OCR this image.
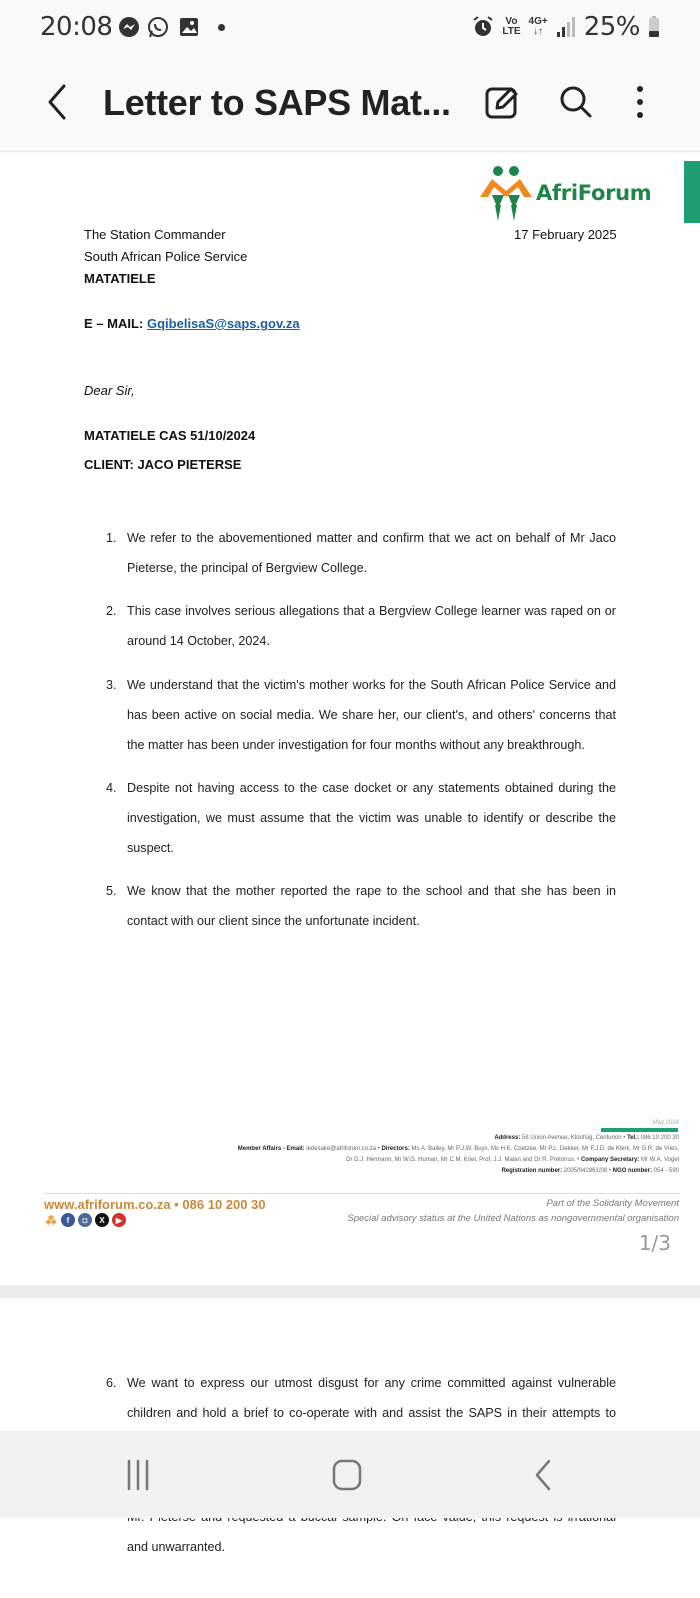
20:08	Vo
LTE
4G+
↓↑ 25%
Letter to SAPS Mat...
AfriForum
17 February 2025
The Station Commander
South African Police Service
MATATIELE
E – MAIL: GqibelisaS@saps.gov.za
Dear Sir,
MATATIELE CAS 51/10/2024
CLIENT: JACO PIETERSE
1. We refer to the abovementioned matter and confirm that we act on behalf of Mr Jaco Pieterse, the principal of Bergview College.
2. This case involves serious allegations that a Bergview College learner was raped on or around 14 October, 2024.
3. We understand that the victim's mother works for the South African Police Service and has been active on social media. We share her, our client's, and others' concerns that the matter has been under investigation for four months without any breakthrough.
4. Despite not having access to the case docket or any statements obtained during the investigation, we must assume that the victim was unable to identify or describe the suspect.
5. We know that the mother reported the rape to the school and that she has been in contact with our client since the unfortunate incident.
May 2024
Address: 58 Union Avenue, Kloofsig, Centurion • Tel.: 086 10 200 30
Member Affairs - Email: ledesake@afriforum.co.za • Directors: Ms A. Bailey, Mr P.J.W. Buys, Ms H.K. Coetzee, Mr P.L. Dekker, Mr F.J.D. de Klerk, Mr G.R. de Vries,
Dr D.J. Hermann, Mr W.G. Human, Mr C.M. Kriel, Prof. J.J. Malan and Dr R. Pretorius. • Company Secretary: Mr W.A. Vogel
Registration number: 2005/042861/08 • NGO number: 054 - 590
www.afriforum.co.za • 086 10 200 30	Part of the Solidarity Movement
Special advisory status at the United Nations as nongovernmental organisation
⁂	f	◘	X	▶
1/3
6. We want to express our utmost disgust for any crime committed against vulnerable children and hold a brief to co-operate with and assist the SAPS in their attempts to
and unwarranted.
